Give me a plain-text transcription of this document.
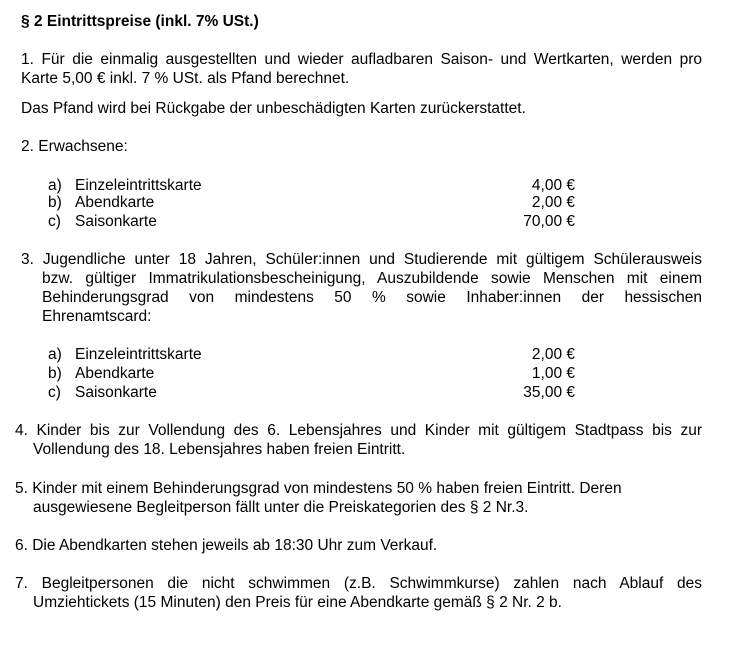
§ 2 Eintrittspreise (inkl. 7% USt.)
1. Für die einmalig ausgestellten und wieder aufladbaren Saison- und Wertkarten, werden pro
Karte 5,00 € inkl. 7 % USt. als Pfand berechnet.
Das Pfand wird bei Rückgabe der unbeschädigten Karten zurückerstattet.
2. Erwachsene:
a) Einzeleintrittskarte	4,00 €
b) Abendkarte	2,00 €
c) Saisonkarte	70,00 €
3. Jugendliche unter 18 Jahren, Schüler:innen und Studierende mit gültigem Schülerausweis
bzw. gültiger Immatrikulationsbescheinigung, Auszubildende sowie Menschen mit einem
Behinderungsgrad von mindestens 50 % sowie Inhaber:innen der hessischen
Ehrenamtscard:
a) Einzeleintrittskarte	2,00 €
b) Abendkarte	1,00 €
c) Saisonkarte	35,00 €
4. Kinder bis zur Vollendung des 6. Lebensjahres und Kinder mit gültigem Stadtpass bis zur
Vollendung des 18. Lebensjahres haben freien Eintritt.
5. Kinder mit einem Behinderungsgrad von mindestens 50 % haben freien Eintritt. Deren
ausgewiesene Begleitperson fällt unter die Preiskategorien des § 2 Nr.3.
6. Die Abendkarten stehen jeweils ab 18:30 Uhr zum Verkauf.
7. Begleitpersonen die nicht schwimmen (z.B. Schwimmkurse) zahlen nach Ablauf des
Umziehtickets (15 Minuten) den Preis für eine Abendkarte gemäß § 2 Nr. 2 b.
